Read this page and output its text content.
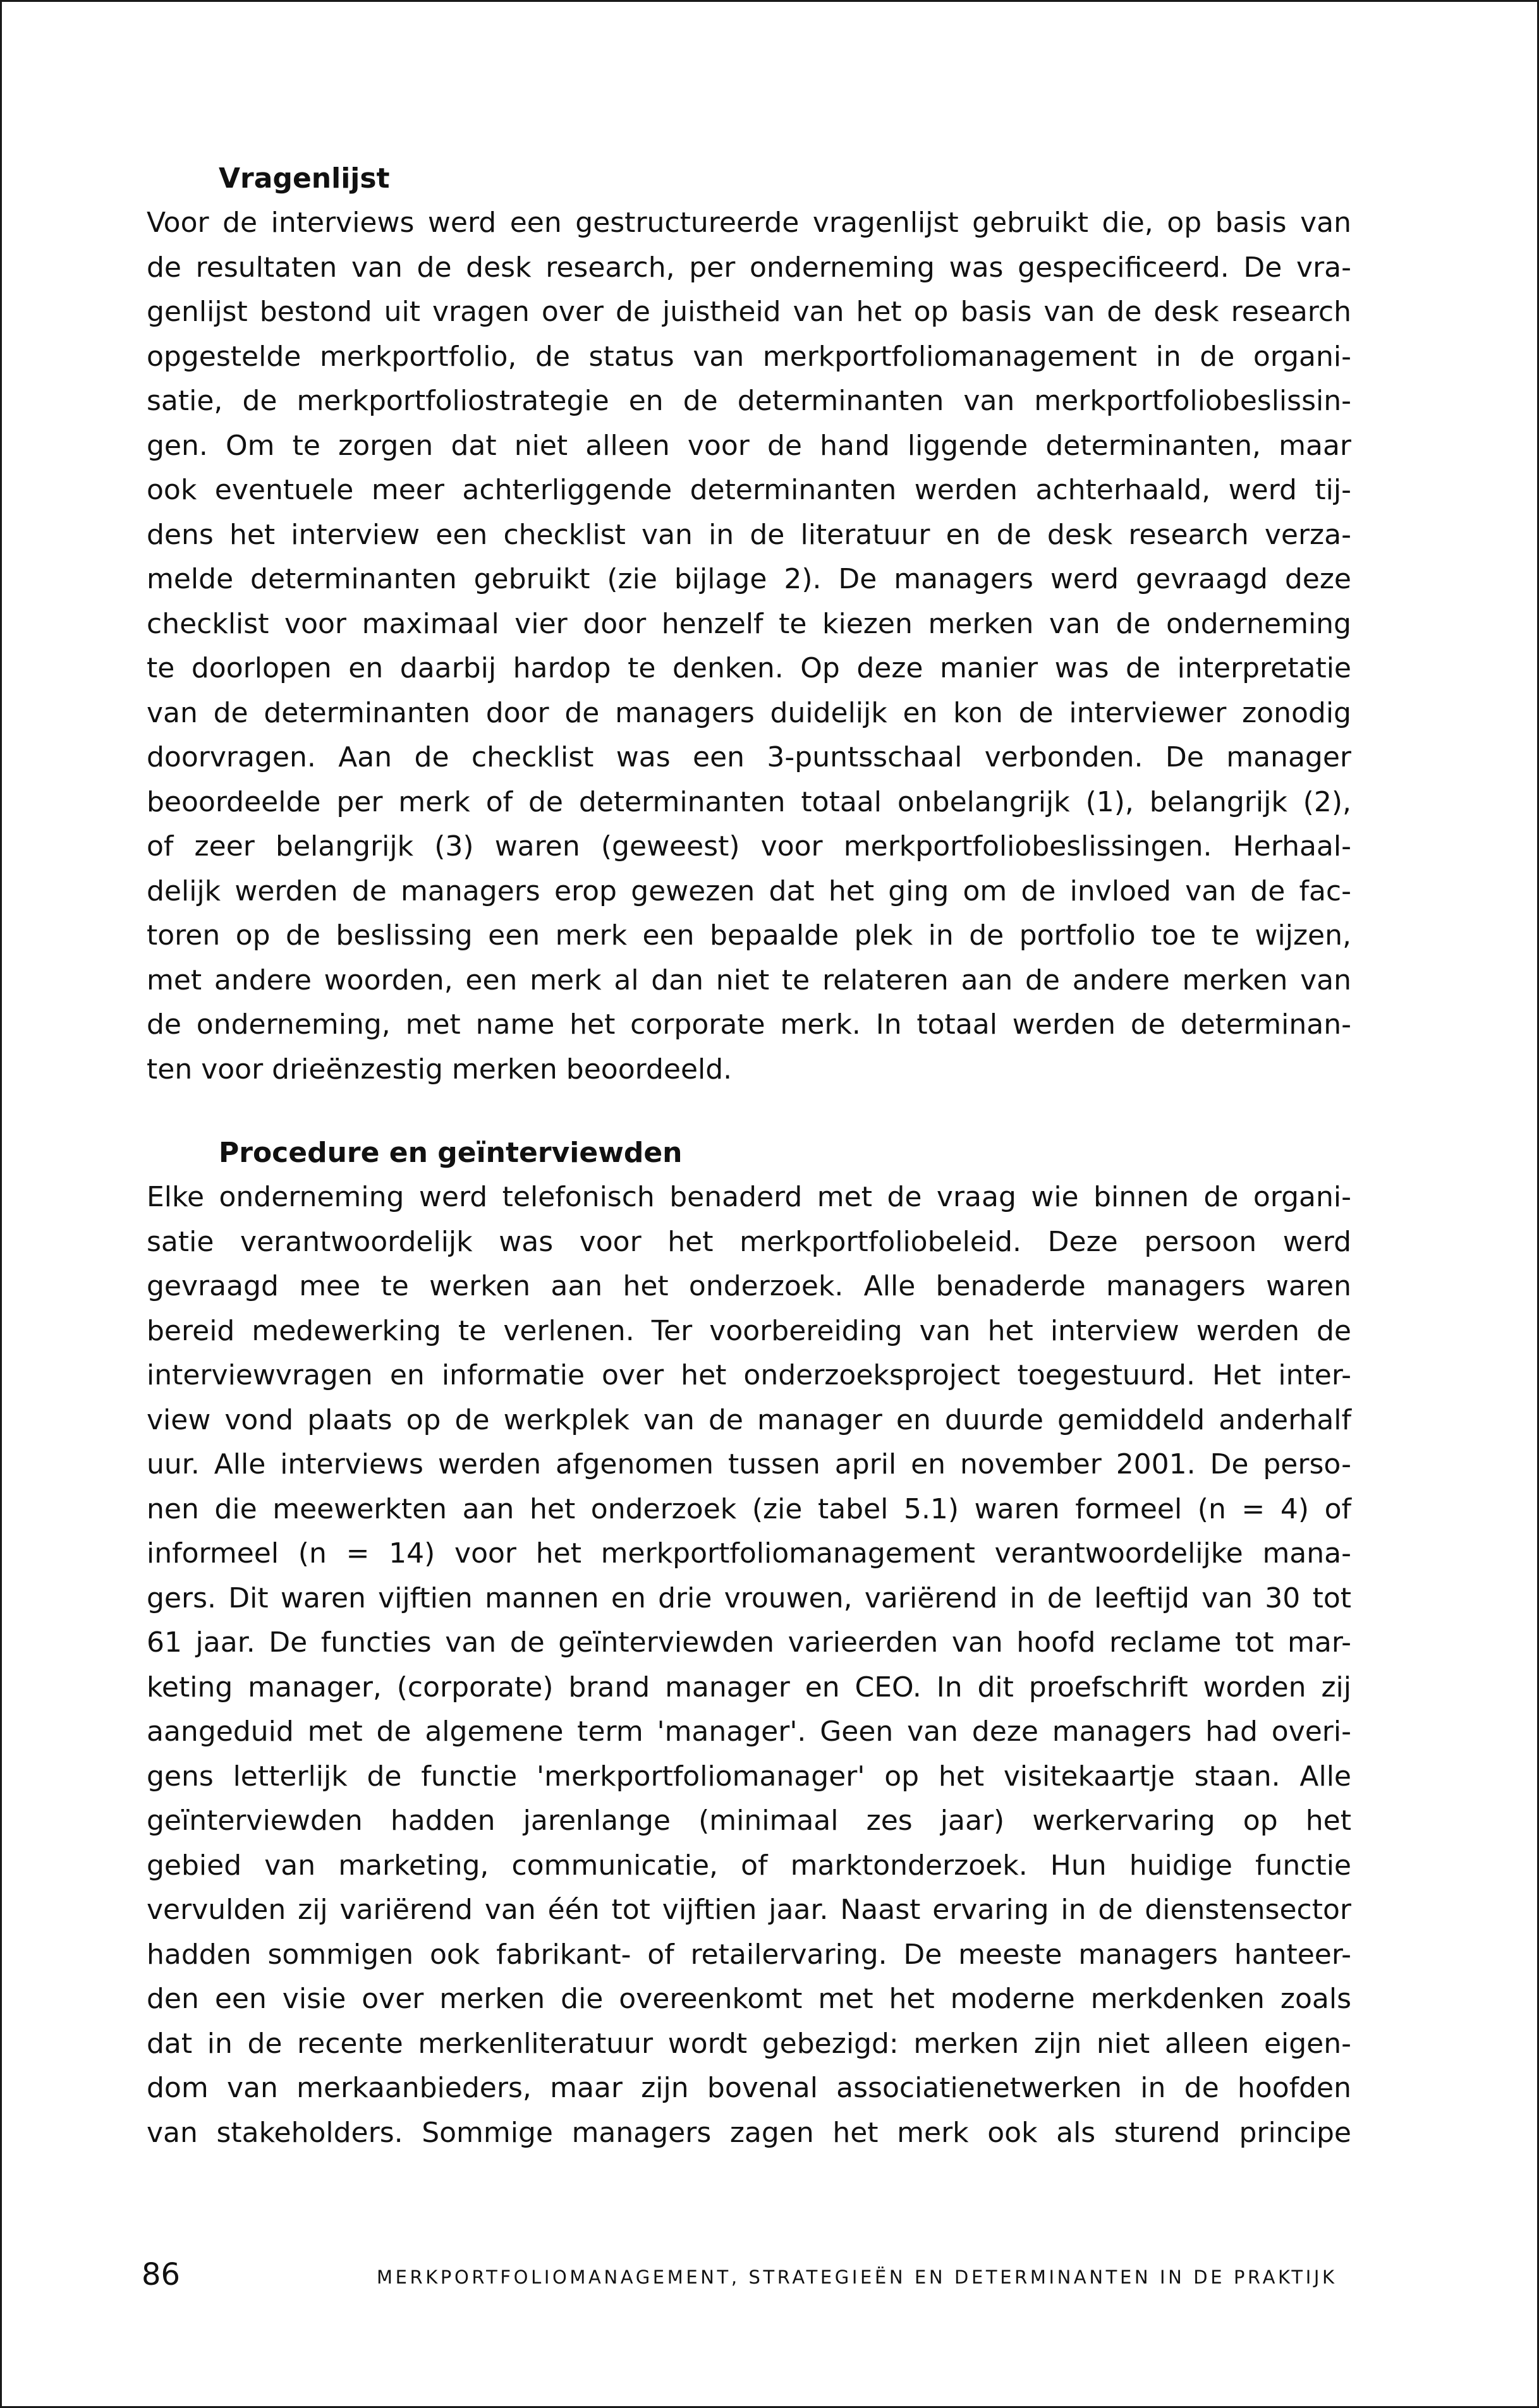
Vragenlijst
Voor de interviews werd een gestructureerde vragenlijst gebruikt die, op basis van
de resultaten van de desk research, per onderneming was gespecificeerd. De vra-
genlijst bestond uit vragen over de juistheid van het op basis van de desk research
opgestelde merkportfolio, de status van merkportfoliomanagement in de organi-
satie, de merkportfoliostrategie en de determinanten van merkportfoliobeslissin-
gen. Om te zorgen dat niet alleen voor de hand liggende determinanten, maar
ook eventuele meer achterliggende determinanten werden achterhaald, werd tij-
dens het interview een checklist van in de literatuur en de desk research verza-
melde determinanten gebruikt (zie bijlage 2). De managers werd gevraagd deze
checklist voor maximaal vier door henzelf te kiezen merken van de onderneming
te doorlopen en daarbij hardop te denken. Op deze manier was de interpretatie
van de determinanten door de managers duidelijk en kon de interviewer zonodig
doorvragen. Aan de checklist was een 3-puntsschaal verbonden. De manager
beoordeelde per merk of de determinanten totaal onbelangrijk (1), belangrijk (2),
of zeer belangrijk (3) waren (geweest) voor merkportfoliobeslissingen. Herhaal-
delijk werden de managers erop gewezen dat het ging om de invloed van de fac-
toren op de beslissing een merk een bepaalde plek in de portfolio toe te wijzen,
met andere woorden, een merk al dan niet te relateren aan de andere merken van
de onderneming, met name het corporate merk. In totaal werden de determinan-
ten voor drieënzestig merken beoordeeld.
Procedure en geïnterviewden
Elke onderneming werd telefonisch benaderd met de vraag wie binnen de organi-
satie verantwoordelijk was voor het merkportfoliobeleid. Deze persoon werd
gevraagd mee te werken aan het onderzoek. Alle benaderde managers waren
bereid medewerking te verlenen. Ter voorbereiding van het interview werden de
interviewvragen en informatie over het onderzoeksproject toegestuurd. Het inter-
view vond plaats op de werkplek van de manager en duurde gemiddeld anderhalf
uur. Alle interviews werden afgenomen tussen april en november 2001. De perso-
nen die meewerkten aan het onderzoek (zie tabel 5.1) waren formeel (n = 4) of
informeel (n = 14) voor het merkportfoliomanagement verantwoordelijke mana-
gers. Dit waren vijftien mannen en drie vrouwen, variërend in de leeftijd van 30 tot
61 jaar. De functies van de geïnterviewden varieerden van hoofd reclame tot mar-
keting manager, (corporate) brand manager en CEO. In dit proefschrift worden zij
aangeduid met de algemene term 'manager'. Geen van deze managers had overi-
gens letterlijk de functie 'merkportfoliomanager' op het visitekaartje staan. Alle
geïnterviewden hadden jarenlange (minimaal zes jaar) werkervaring op het
gebied van marketing, communicatie, of marktonderzoek. Hun huidige functie
vervulden zij variërend van één tot vijftien jaar. Naast ervaring in de dienstensector
hadden sommigen ook fabrikant- of retailervaring. De meeste managers hanteer-
den een visie over merken die overeenkomt met het moderne merkdenken zoals
dat in de recente merkenliteratuur wordt gebezigd: merken zijn niet alleen eigen-
dom van merkaanbieders, maar zijn bovenal associatienetwerken in de hoofden
van stakeholders. Sommige managers zagen het merk ook als sturend principe
86	MERKPORTFOLIOMANAGEMENT, STRATEGIEËN EN DETERMINANTEN IN DE PRAKTIJK
